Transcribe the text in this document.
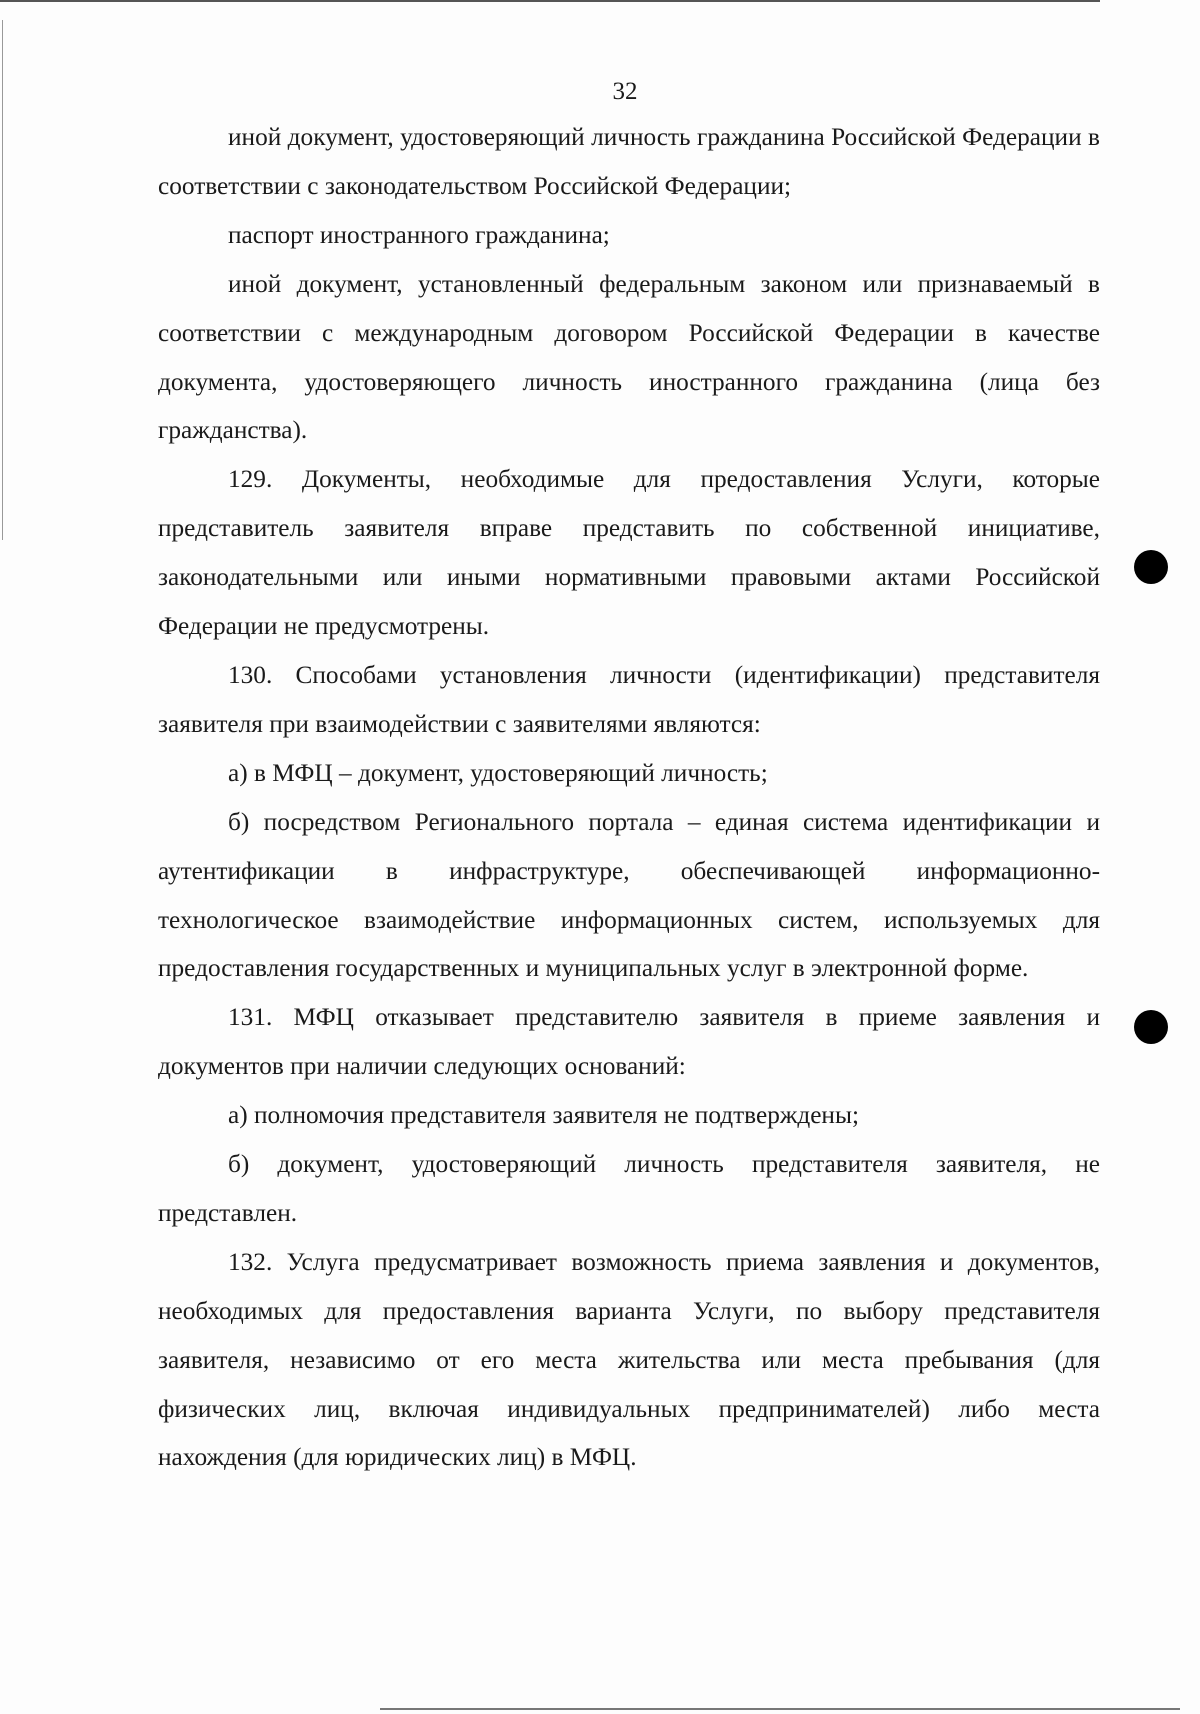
32

иной документ, удостоверяющий личность гражданина Российской Федерации в соответствии с законодательством Российской Федерации;

паспорт иностранного гражданина;

иной документ, установленный федеральным законом или признаваемый в соответствии с международным договором Российской Федерации в качестве документа, удостоверяющего личность иностранного гражданина (лица без гражданства).

129. Документы, необходимые для предоставления Услуги, которые представитель заявителя вправе представить по собственной инициативе, законодательными или иными нормативными правовыми актами Российской Федерации не предусмотрены.

130. Способами установления личности (идентификации) представителя заявителя при взаимодействии с заявителями являются:

а) в МФЦ – документ, удостоверяющий личность;

б) посредством Регионального портала – единая система идентификации и аутентификации в инфраструктуре, обеспечивающей информационно-технологическое взаимодействие информационных систем, используемых для предоставления государственных и муниципальных услуг в электронной форме.

131. МФЦ отказывает представителю заявителя в приеме заявления и документов при наличии следующих оснований:

а) полномочия представителя заявителя не подтверждены;

б) документ, удостоверяющий личность представителя заявителя, не представлен.

132. Услуга предусматривает возможность приема заявления и документов, необходимых для предоставления варианта Услуги, по выбору представителя заявителя, независимо от его места жительства или места пребывания (для физических лиц, включая индивидуальных предпринимателей) либо места нахождения (для юридических лиц) в МФЦ.
